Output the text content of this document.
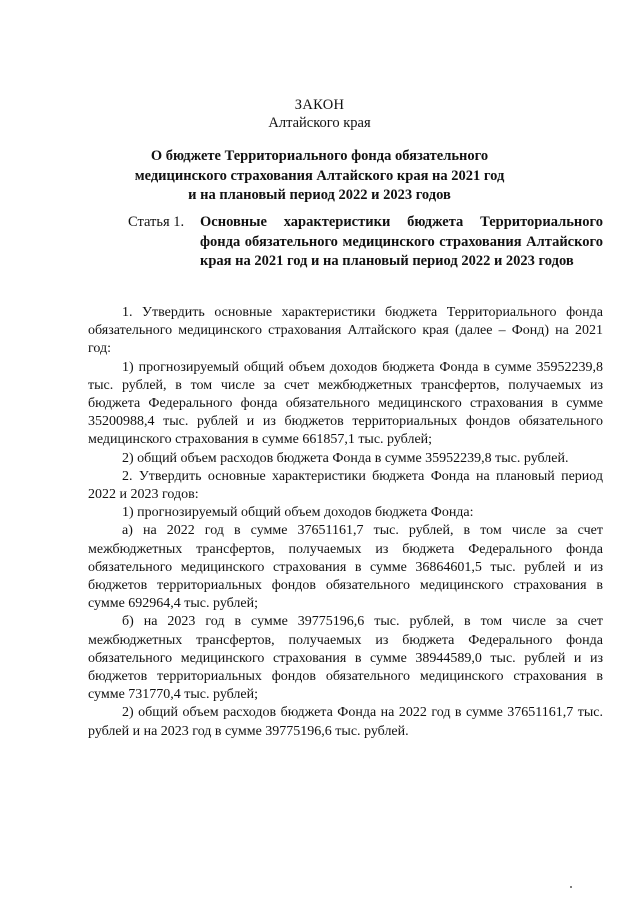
ЗАКОН
Алтайского края
О бюджете Территориального фонда обязательного
медицинского страхования Алтайского края на 2021 год
и на плановый период 2022 и 2023 годов
Статья 1. Основные характеристики бюджета Территориального фонда обязательного медицинского страхования Алтайского края на 2021 год и на плановый период 2022 и 2023 годов

1. Утвердить основные характеристики бюджета Территориального фонда обязательного медицинского страхования Алтайского края (далее – Фонд) на 2021 год:

1) прогнозируемый общий объем доходов бюджета Фонда в сумме 35952239,8 тыс. рублей, в том числе за счет межбюджетных трансфертов, получаемых из бюджета Федерального фонда обязательного медицинского страхования в сумме 35200988,4 тыс. рублей и из бюджетов территориальных фондов обязательного медицинского страхования в сумме 661857,1 тыс. рублей;

2) общий объем расходов бюджета Фонда в сумме 35952239,8 тыс. рублей.

2. Утвердить основные характеристики бюджета Фонда на плановый период 2022 и 2023 годов:

1) прогнозируемый общий объем доходов бюджета Фонда:

а) на 2022 год в сумме 37651161,7 тыс. рублей, в том числе за счет межбюджетных трансфертов, получаемых из бюджета Федерального фонда обязательного медицинского страхования в сумме 36864601,5 тыс. рублей и из бюджетов территориальных фондов обязательного медицинского страхования в сумме 692964,4 тыс. рублей;

б) на 2023 год в сумме 39775196,6 тыс. рублей, в том числе за счет межбюджетных трансфертов, получаемых из бюджета Федерального фонда обязательного медицинского страхования в сумме 38944589,0 тыс. рублей и из бюджетов территориальных фондов обязательного медицинского страхования в сумме 731770,4 тыс. рублей;

2) общий объем расходов бюджета Фонда на 2022 год в сумме 37651161,7 тыс. рублей и на 2023 год в сумме 39775196,6 тыс. рублей.
